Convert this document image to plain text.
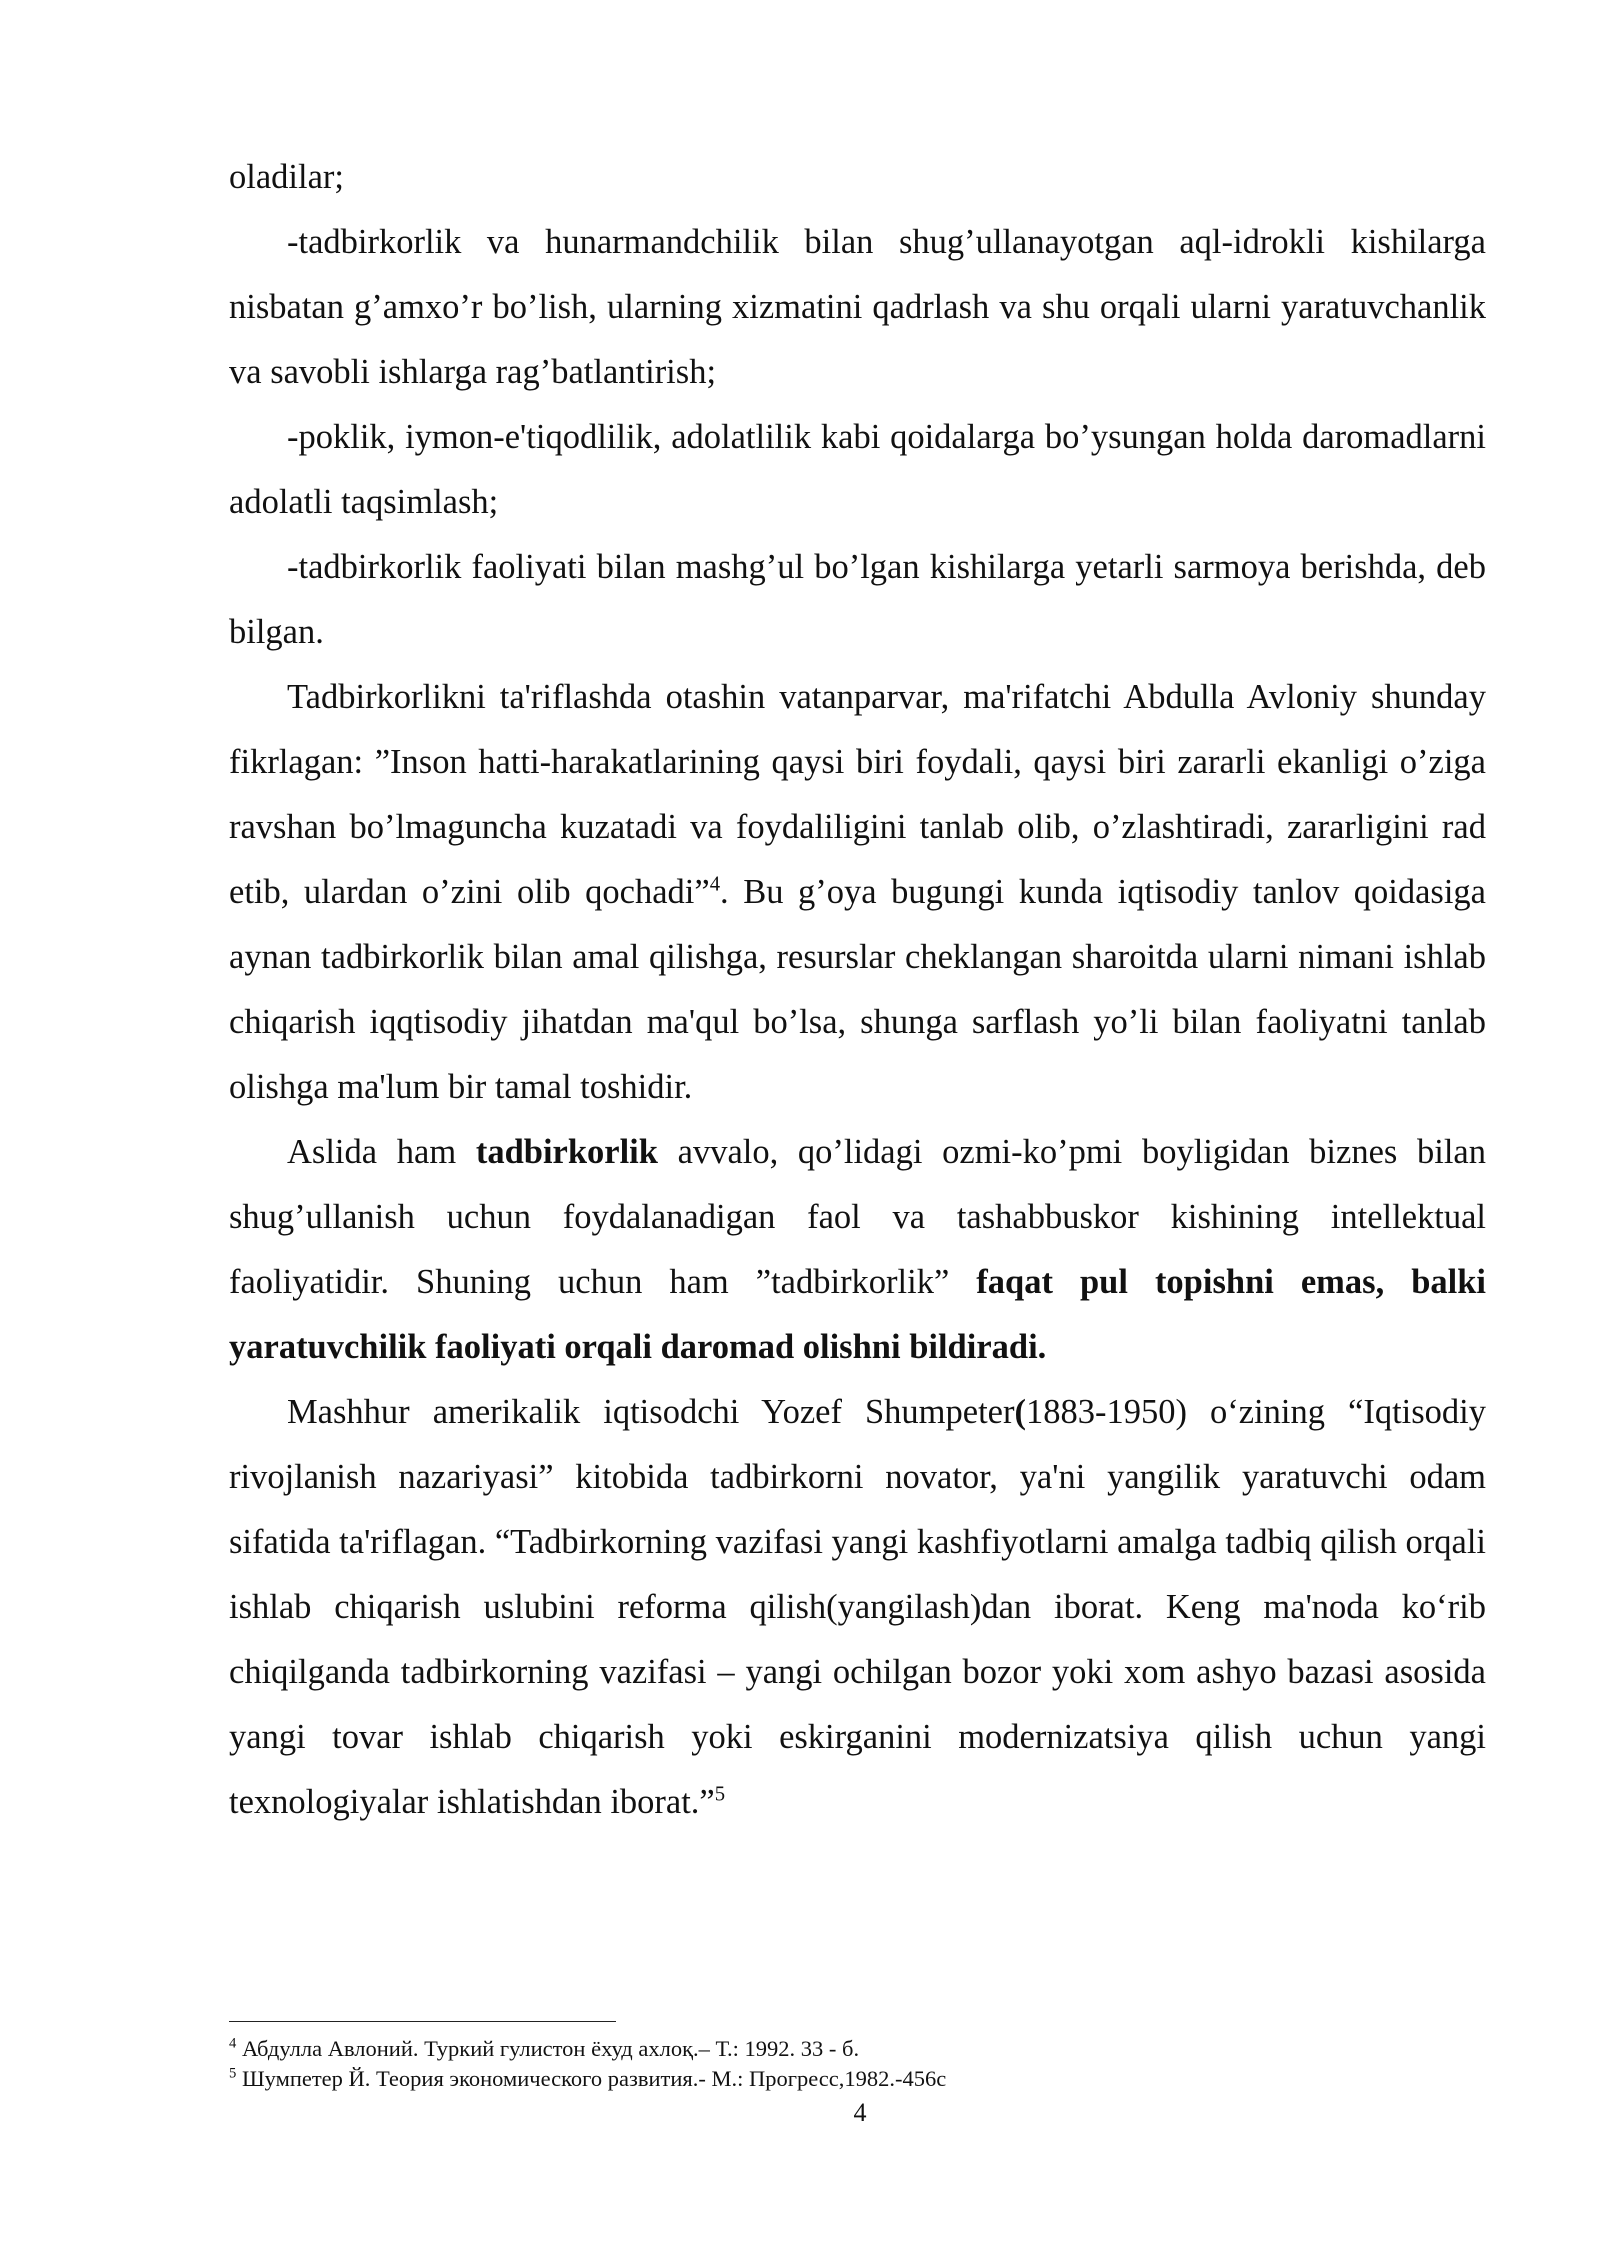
oladilar;

-tadbirkorlik va hunarmandchilik bilan shug’ullanayotgan aql-idrokli kishilarga nisbatan g’amxo’r bo’lish, ularning xizmatini qadrlash va shu orqali ularni yaratuvchanlik va savobli ishlarga rag’batlantirish;

-poklik, iymon-e'tiqodlilik, adolatlilik kabi qoidalarga bo’ysungan holda daromadlarni adolatli taqsimlash;

-tadbirkorlik faoliyati bilan mashg’ul bo’lgan kishilarga yetarli sarmoya berishda, deb bilgan.

Tadbirkorlikni ta'riflashda otashin vatanparvar, ma'rifatchi Abdulla Avloniy shunday fikrlagan: ”Inson hatti-harakatlarining qaysi biri foydali, qaysi biri zararli ekanligi o’ziga ravshan bo’lmaguncha kuzatadi va foydaliligini tanlab olib, o’zlashtiradi, zararligini rad etib, ulardan o’zini olib qochadi”$^4$. Bu g’oya bugungi kunda iqtisodiy tanlov qoidasiga aynan tadbirkorlik bilan amal qilishga, resurslar cheklangan sharoitda ularni nimani ishlab chiqarish iqqtisodiy jihatdan ma'qul bo’lsa, shunga sarflash yo’li bilan faoliyatni tanlab olishga ma'lum bir tamal toshidir.

Aslida ham tadbirkorlik avvalo, qo’lidagi ozmi-ko’pmi boyligidan biznes bilan shug’ullanish uchun foydalanadigan faol va tashabbuskor kishining intellektual faoliyatidir. Shuning uchun ham ”tadbirkorlik” faqat pul topishni emas, balki yaratuvchilik faoliyati orqali daromad olishni bildiradi.

Mashhur amerikalik iqtisodchi Yozef Shumpeter(1883-1950) o‘zining “Iqtisodiy rivojlanish nazariyasi” kitobida tadbirkorni novator, ya'ni yangilik yaratuvchi odam sifatida ta'riflagan. “Tadbirkorning vazifasi yangi kashfiyotlarni amalga tadbiq qilish orqali ishlab chiqarish uslubini reforma qilish(yangilash)dan iborat. Keng ma'noda ko‘rib chiqilganda tadbirkorning vazifasi – yangi ochilgan bozor yoki xom ashyo bazasi asosida yangi tovar ishlab chiqarish yoki eskirganini modernizatsiya qilish uchun yangi texnologiyalar ishlatishdan iborat.”$^5$

$^4$ Абдулла Авлоний. Туркий гулистон ёхуд ахлоқ.– Т.: 1992. 33 - б.

$^5$ Шумпетер Й. Теория экономического развития.- М.: Прогресс,1982.-456с

4
